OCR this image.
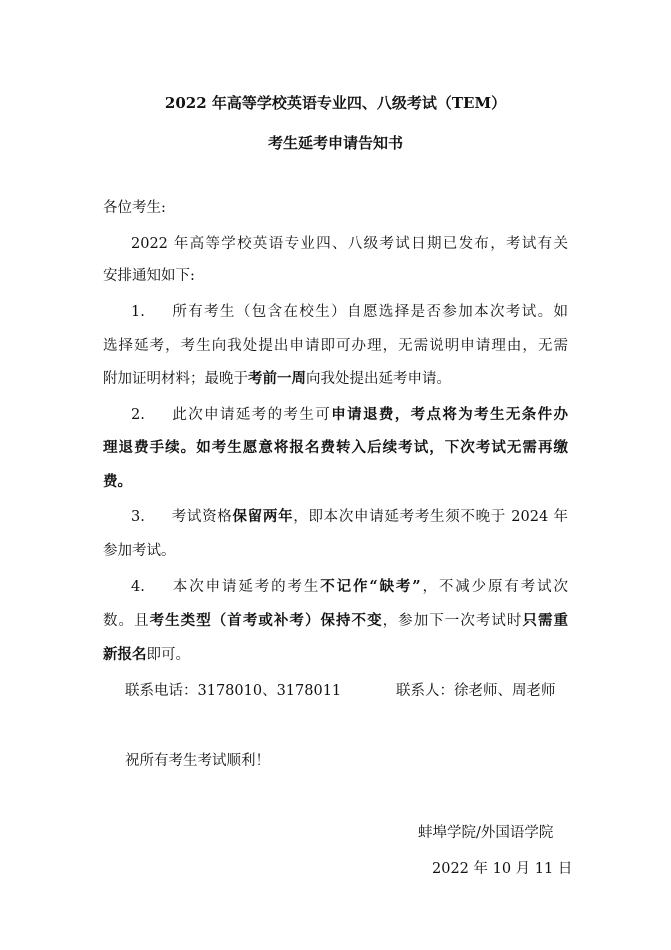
2022 年高等学校英语专业四、八级考试（TEM）
考生延考申请告知书
各位考生:
2022 年高等学校英语专业四、八级考试日期已发布，考试有关
安排通知如下:
1. 所有考生（包含在校生）自愿选择是否参加本次考试。如
选择延考，考生向我处提出申请即可办理，无需说明申请理由，无需
附加证明材料；最晚于考前一周向我处提出延考申请。
2. 此次申请延考的考生可申请退费，考点将为考生无条件办
理退费手续。如考生愿意将报名费转入后续考试，下次考试无需再缴
费。
3. 考试资格保留两年，即本次申请延考考生须不晚于 2024 年
参加考试。
4. 本次申请延考的考生不记作“缺考”，不减少原有考试次
数。且考生类型（首考或补考）保持不变，参加下一次考试时只需重
新报名即可。
联系电话：3178010、3178011	联系人：徐老师、周老师
祝所有考生考试顺利！
蚌埠学院/外国语学院
2022 年 10 月 11 日
